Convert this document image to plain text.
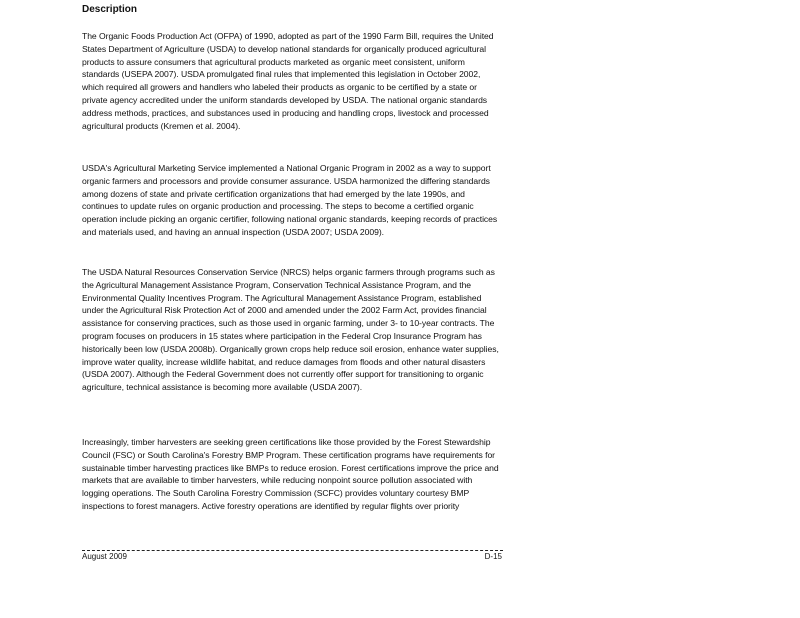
Description

The Organic Foods Production Act (OFPA) of 1990, adopted as part of the 1990 Farm Bill, requires the United States Department of Agriculture (USDA) to develop national standards for organically produced agricultural products to assure consumers that agricultural products marketed as organic meet consistent, uniform standards (USEPA 2007). USDA promulgated final rules that implemented this legislation in October 2002, which required all growers and handlers who labeled their products as organic to be certified by a state or private agency accredited under the uniform standards developed by USDA. The national organic standards address methods, practices, and substances used in producing and handling crops, livestock and processed agricultural products (Kremen et al. 2004).

USDA's Agricultural Marketing Service implemented a National Organic Program in 2002 as a way to support organic farmers and processors and provide consumer assurance. USDA harmonized the differing standards among dozens of state and private certification organizations that had emerged by the late 1990s, and continues to update rules on organic production and processing. The steps to become a certified organic operation include picking an organic certifier, following national organic standards, keeping records of practices and materials used, and having an annual inspection (USDA 2007; USDA 2009).

The USDA Natural Resources Conservation Service (NRCS) helps organic farmers through programs such as the Agricultural Management Assistance Program, Conservation Technical Assistance Program, and the Environmental Quality Incentives Program. The Agricultural Management Assistance Program, established under the Agricultural Risk Protection Act of 2000 and amended under the 2002 Farm Act, provides financial assistance for conserving practices, such as those used in organic farming, under 3- to 10-year contracts. The program focuses on producers in 15 states where participation in the Federal Crop Insurance Program has historically been low (USDA 2008b). Organically grown crops help reduce soil erosion, enhance water supplies, improve water quality, increase wildlife habitat, and reduce damages from floods and other natural disasters (USDA 2007). Although the Federal Government does not currently offer support for transitioning to organic agriculture, technical assistance is becoming more available (USDA 2007).

Increasingly, timber harvesters are seeking green certifications like those provided by the Forest Stewardship Council (FSC) or South Carolina's Forestry BMP Program. These certification programs have requirements for sustainable timber harvesting practices like BMPs to reduce erosion. Forest certifications improve the price and markets that are available to timber harvesters, while reducing nonpoint source pollution associated with logging operations. The South Carolina Forestry Commission (SCFC) provides voluntary courtesy BMP inspections to forest managers. Active forestry operations are identified by regular flights over priority

August 2009	D-15
